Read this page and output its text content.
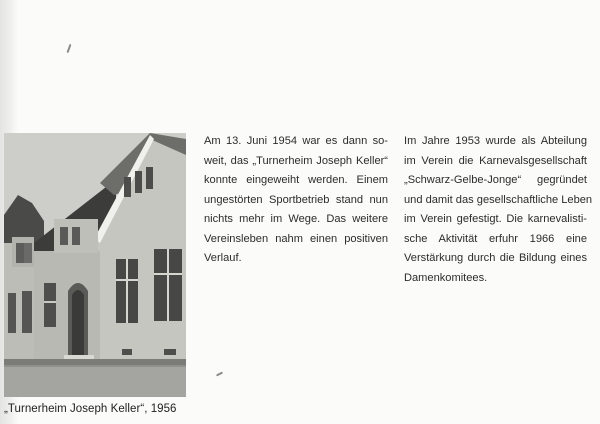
„Turnerheim Joseph Keller“, 1956
Am 13. Juni 1954 war es dann so-
weit, das „Turnerheim Joseph Keller“
konnte eingeweiht werden. Einem
ungestörten Sportbetrieb stand nun
nichts mehr im Wege. Das weitere
Vereinsleben nahm einen positiven
Verlauf.
Im Jahre 1953 wurde als Abteilung
im Verein die Karnevalsgesellschaft
„Schwarz-Gelbe-Jonge“ gegründet
und damit das gesellschaftliche Leben
im Verein gefestigt. Die karnevalisti-
sche Aktivität erfuhr 1966 eine
Verstärkung durch die Bildung eines
Damenkomitees.
